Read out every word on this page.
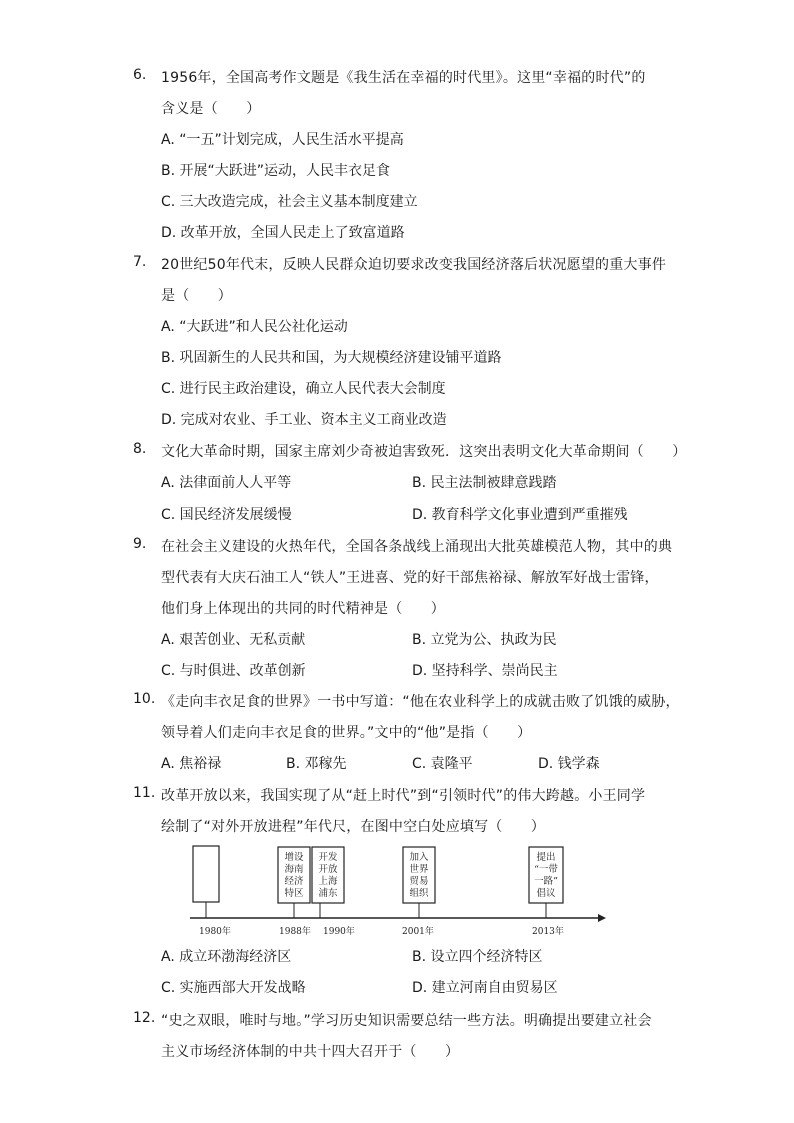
6.	1956年，全国高考作文题是《我生活在幸福的时代里》。这里“幸福的时代”的
含义是（　　）
A. “一五”计划完成，人民生活水平提高
B. 开展“大跃进”运动，人民丰衣足食
C. 三大改造完成，社会主义基本制度建立
D. 改革开放，全国人民走上了致富道路
7.	20世纪50年代末，反映人民群众迫切要求改变我国经济落后状况愿望的重大事件
是（　　）
A. “大跃进”和人民公社化运动
B. 巩固新生的人民共和国，为大规模经济建设铺平道路
C. 进行民主政治建设，确立人民代表大会制度
D. 完成对农业、手工业、资本主义工商业改造
8.	文化大革命时期，国家主席刘少奇被迫害致死．这突出表明文化大革命期间（　　）
A. 法律面前人人平等	B. 民主法制被肆意践踏
C. 国民经济发展缓慢	D. 教育科学文化事业遭到严重摧残
9.	在社会主义建设的火热年代，全国各条战线上涌现出大批英雄模范人物，其中的典
型代表有大庆石油工人“铁人”王进喜、党的好干部焦裕禄、解放军好战士雷锋，
他们身上体现出的共同的时代精神是（　　）
A. 艰苦创业、无私贡献	B. 立党为公、执政为民
C. 与时俱进、改革创新	D. 坚持科学、崇尚民主
10. 《走向丰衣足食的世界》一书中写道：“他在农业科学上的成就击败了饥饿的威胁，
领导着人们走向丰衣足食的世界。”文中的“他”是指（　　）
A. 焦裕禄	B. 邓稼先	C. 袁隆平	D. 钱学森
11. 改革开放以来，我国实现了从“赶上时代”到“引领时代”的伟大跨越。小王同学
绘制了“对外开放进程”年代尺，在图中空白处应填写（　　）
增设
海南
经济
特区
开发
开放
上海
浦东
加入
世界
贸易
组织
提出
“一带
一路”
倡议
1980年	1988年 1990年	2001年	2013年
A. 成立环渤海经济区	B. 设立四个经济特区
C. 实施西部大开发战略	D. 建立河南自由贸易区
12. “史之双眼，唯时与地。”学习历史知识需要总结一些方法。明确提出要建立社会
主义市场经济体制的中共十四大召开于（　　）
